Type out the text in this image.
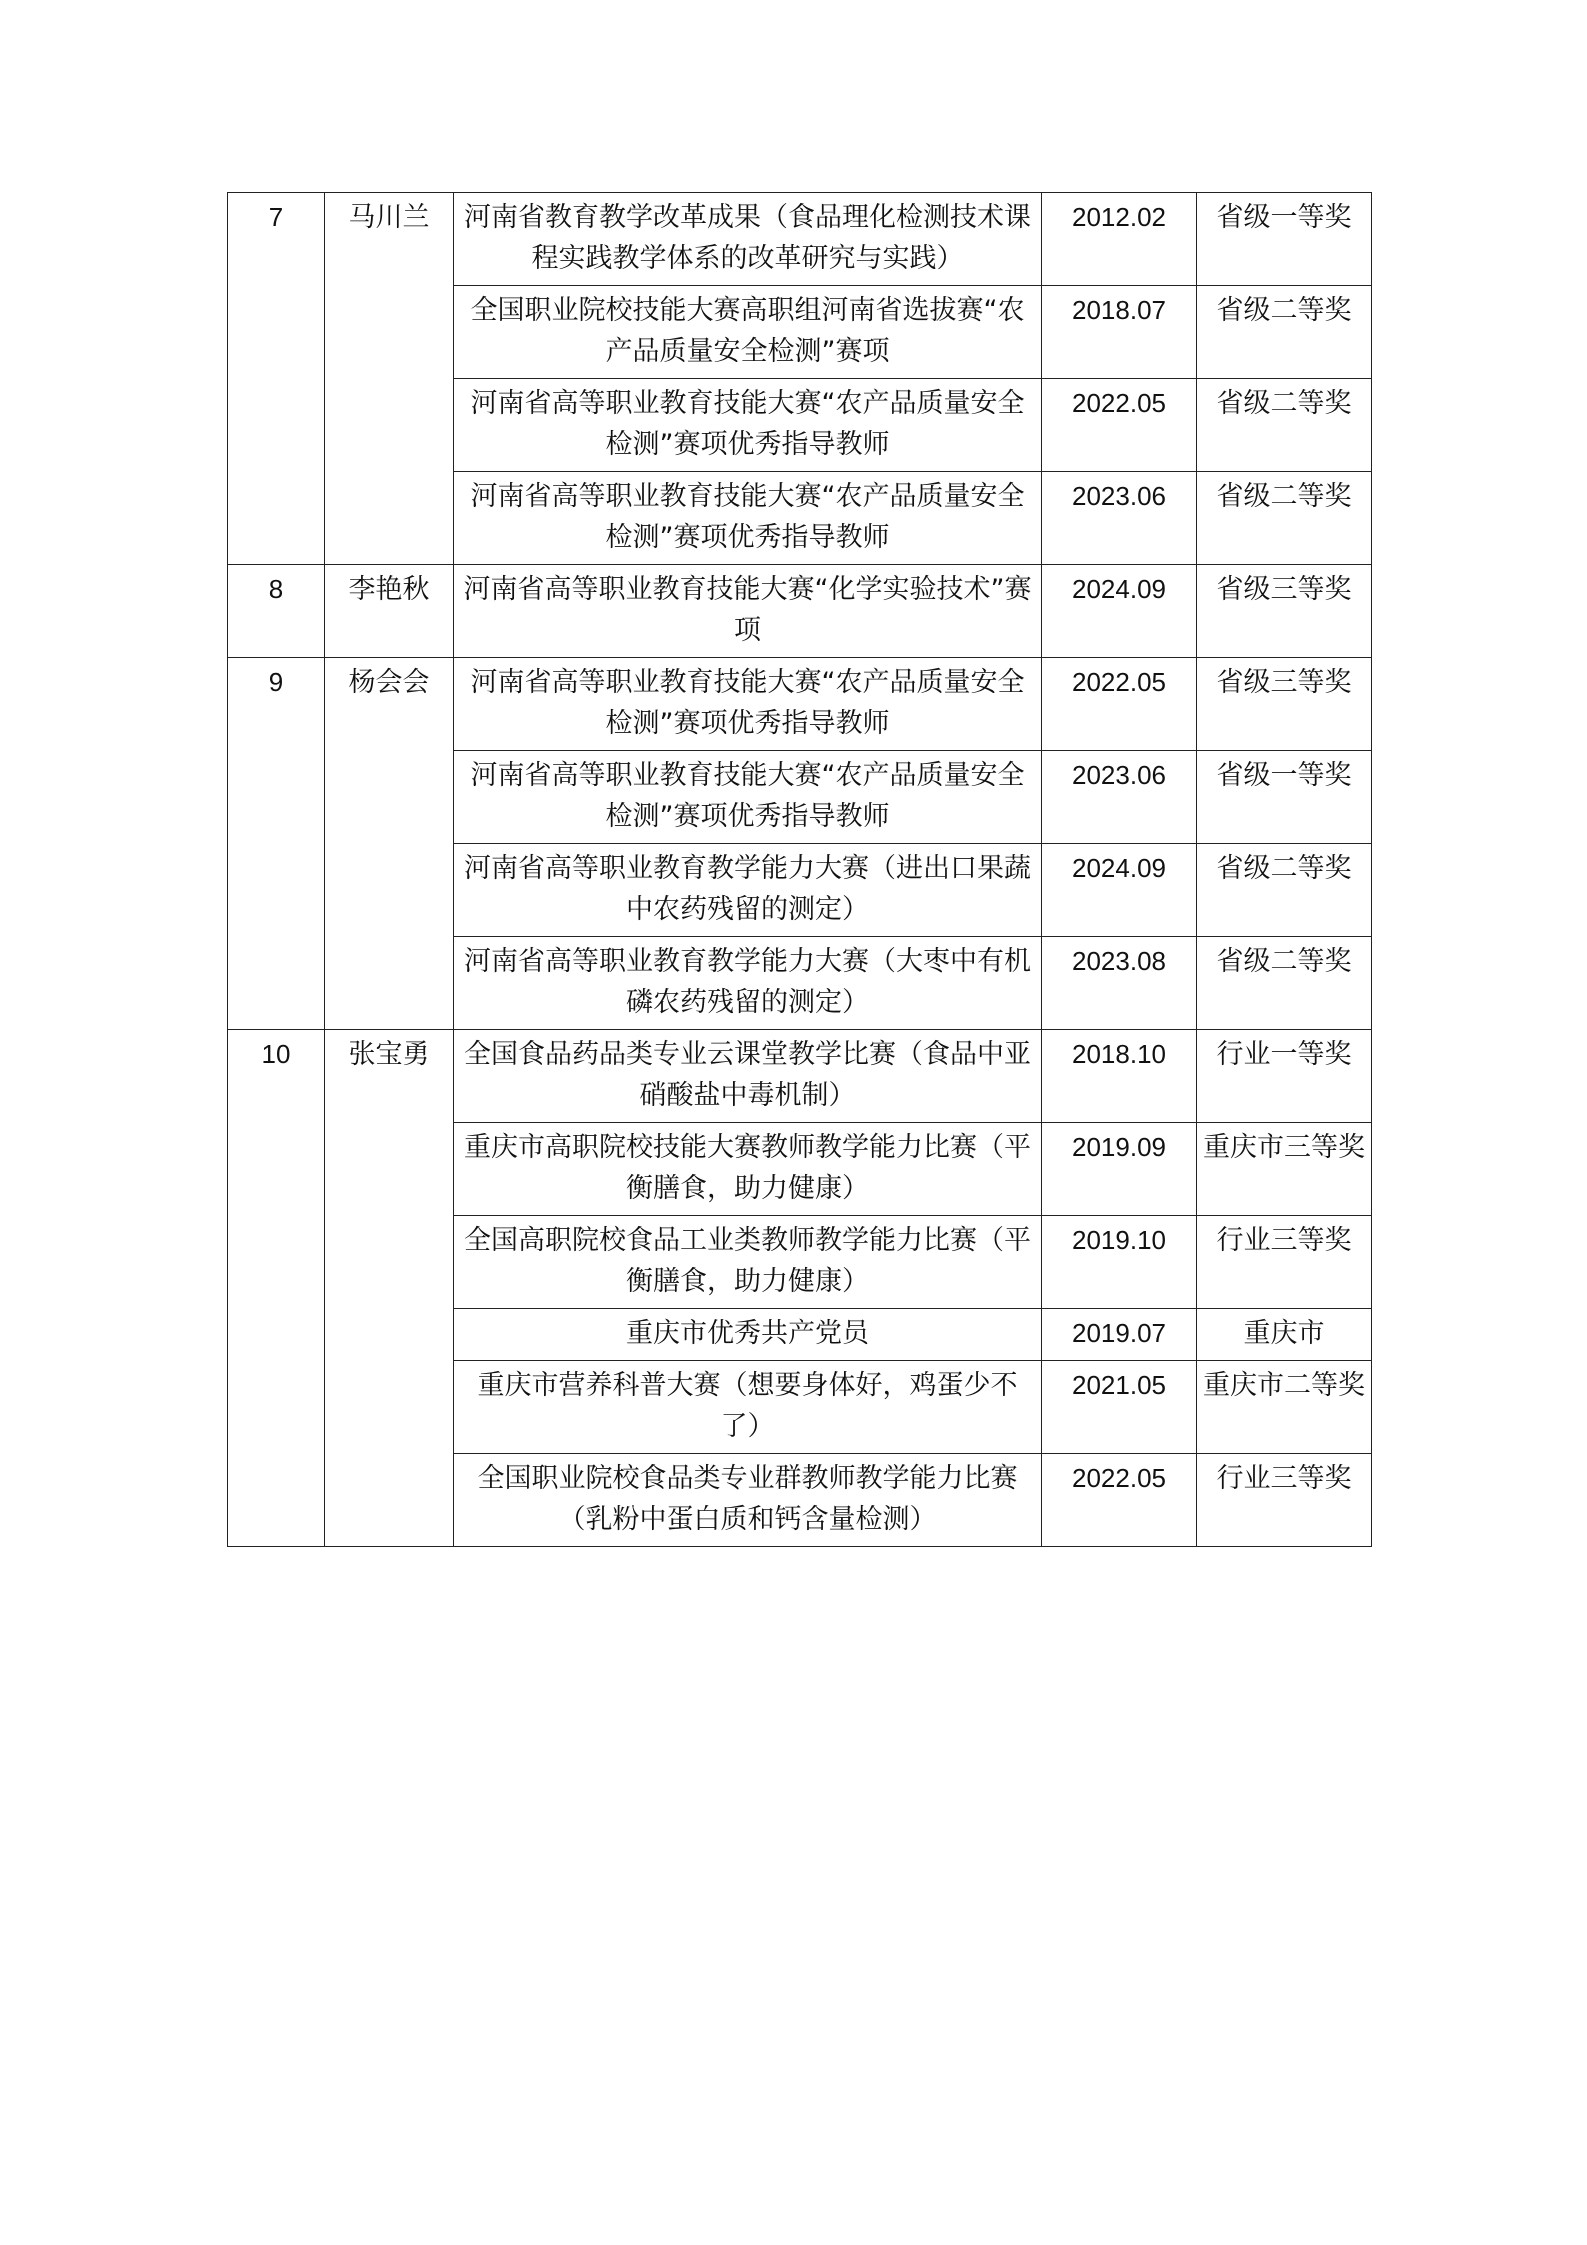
7	马川兰	河南省教育教学改革成果（食品理化检测技术课程实践教学体系的改革研究与实践）	2012.02	省级一等奖
		全国职业院校技能大赛高职组河南省选拔赛“农产品质量安全检测”赛项	2018.07	省级二等奖
		河南省高等职业教育技能大赛“农产品质量安全检测”赛项优秀指导教师	2022.05	省级二等奖
		河南省高等职业教育技能大赛“农产品质量安全检测”赛项优秀指导教师	2023.06	省级二等奖
8	李艳秋	河南省高等职业教育技能大赛“化学实验技术”赛项	2024.09	省级三等奖
9	杨会会	河南省高等职业教育技能大赛“农产品质量安全检测”赛项优秀指导教师	2022.05	省级三等奖
		河南省高等职业教育技能大赛“农产品质量安全检测”赛项优秀指导教师	2023.06	省级一等奖
		河南省高等职业教育教学能力大赛（进出口果蔬中农药残留的测定）	2024.09	省级二等奖
		河南省高等职业教育教学能力大赛（大枣中有机磷农药残留的测定）	2023.08	省级二等奖
10	张宝勇	全国食品药品类专业云课堂教学比赛（食品中亚硝酸盐中毒机制）	2018.10	行业一等奖
		重庆市高职院校技能大赛教师教学能力比赛（平衡膳食，助力健康）	2019.09	重庆市三等奖
		全国高职院校食品工业类教师教学能力比赛（平衡膳食，助力健康）	2019.10	行业三等奖
		重庆市优秀共产党员	2019.07	重庆市
		重庆市营养科普大赛（想要身体好，鸡蛋少不了）	2021.05	重庆市二等奖
		全国职业院校食品类专业群教师教学能力比赛（乳粉中蛋白质和钙含量检测）	2022.05	行业三等奖
